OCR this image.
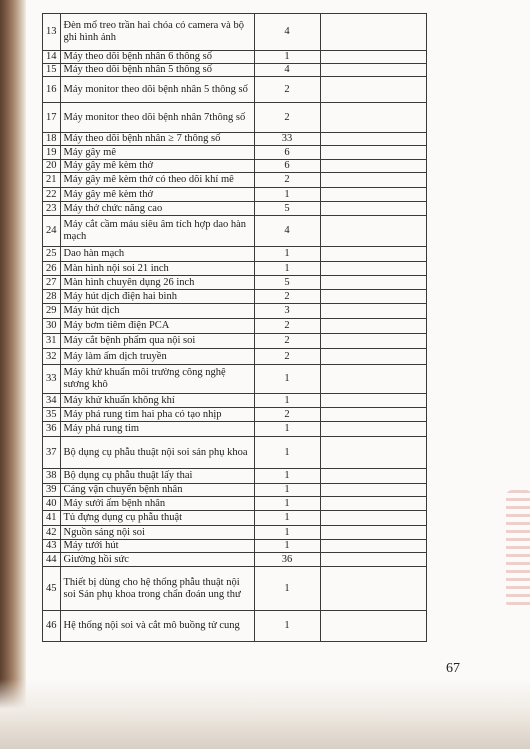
13	Đèn mổ treo trần hai chóa có camera và bộ ghi hình ảnh	4	
14	Máy theo dõi bệnh nhân 6 thông số	1	
15	Máy theo dõi bệnh nhân 5 thông số	4	
16	Máy monitor theo dõi bệnh nhân 5 thông số	2	
17	Máy monitor theo dõi bệnh nhân 7thông số	2	
18	Máy theo dõi bệnh nhân ≥ 7 thông số	33	
19	Máy gây mê	6	
20	Máy gây mê kèm thở	6	
21	Máy gây mê kèm thở có theo dõi khí mê	2	
22	Máy gây mê kèm thở	1	
23	Máy thở chức năng cao	5	
24	Máy cắt cầm máu siêu âm tích hợp dao hàn mạch	4	
25	Dao hàn mạch	1	
26	Màn hình nội soi 21 inch	1	
27	Màn hình chuyên dụng 26 inch	5	
28	Máy hút dịch điện hai bình	2	
29	Máy hút dịch	3	
30	Máy bơm tiêm điện PCA	2	
31	Máy cắt bệnh phẩm qua nội soi	2	
32	Máy làm ấm dịch truyền	2	
33	Máy khử khuẩn môi trường công nghệ sương khô	1	
34	Máy khử khuẩn không khí	1	
35	Máy phá rung tim hai pha có tạo nhịp	2	
36	Máy phá rung tim	1	
37	Bộ dụng cụ phẫu thuật nội soi sản phụ khoa	1	
38	Bộ dụng cụ phẫu thuật lấy thai	1	
39	Cáng vận chuyển bệnh nhân	1	
40	Máy sưởi ấm bệnh nhân	1	
41	Tủ đựng dụng cụ phẫu thuật	1	
42	Nguồn sáng nội soi	1	
43	Máy tưới hút	1	
44	Giường hồi sức	36	
45	Thiết bị dùng cho hệ thống phẫu thuật nội soi Sản phụ khoa trong chẩn đoán ung thư	1	
46	Hệ thống nội soi và cắt mô buồng tử cung	1	
67
